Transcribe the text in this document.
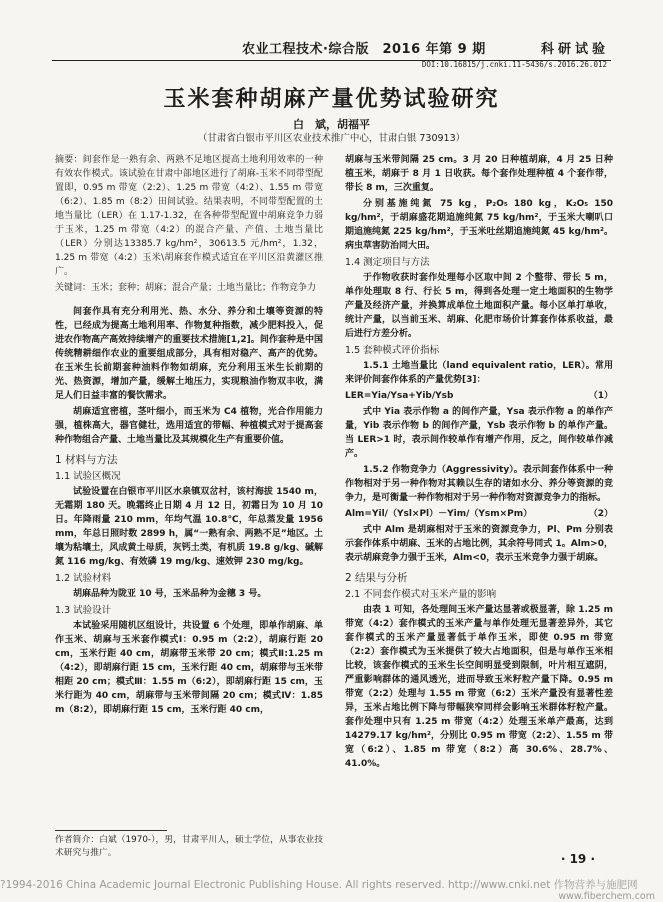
农业工程技术·综合版　2016 年第 9 期	科研试验
DOI:10.16815/j.cnki.11-5436/s.2016.26.012
玉米套种胡麻产量优势试验研究
白　斌，胡福平
（甘肃省白银市平川区农业技术推广中心，甘肃白银 730913）

摘要：间套作是一熟有余、两熟不足地区提高土地利用效率的一种有效农作模式。该试验在甘肃中部地区进行了胡麻-玉米不同带型配置即，0.95 m 带宽（2:2）、1.25 m 带宽（4:2）、1.55 m 带宽（6:2）、1.85 m（8:2）田间试验。结果表明，不同带型配置的土地当量比（LER）在 1.17-1.32，在各种带型配置中胡麻竞争力弱于玉米，1.25 m 带宽（4:2）的混合产量、产值、土地当量比（LER）分别达13385.7 kg/hm²，30613.5 元/hm²，1.32，1.25 m 带宽（4:2）玉米\胡麻套作模式适宜在平川区沿黄灌区推广。

关键词：玉米；套种；胡麻；混合产量；土地当量比；作物竞争力

间套作具有充分利用光、热、水分、养分和土壤等资源的特性，已经成为提高土地利用率、作物复种指数，减少肥料投入，促进农作物高产高效持续增产的重要技术措施[1,2]。间作套种是中国传统精耕细作农业的重要组成部分，具有相对稳产、高产的优势。在玉米生长前期套种油料作物如胡麻，充分利用玉米生长前期的光、热资源，增加产量，缓解土地压力，实现粮油作物双丰收，满足人们日益丰富的餐饮需求。

胡麻适宜密植，茎叶细小，而玉米为 C4 植物，光合作用能力强，植株高大，器官健壮，选用适宜的带幅、种植模式对于提高套种作物组合产量、土地当量比及其规模化生产有重要价值。

1 材料与方法
1.1 试验区概况

试验设置在白银市平川区水泉镇双岔村，该村海拔 1540 m，无霜期 180 天。晚霜终止日期 4 月 12 日，初霜日为 10 月 10 日。年降雨量 210 mm，年均气温 10.8℃，年总蒸发量 1956 mm，年总日照时数 2899 h，属“一熟有余、两熟不足”地区。土壤为粘壤土，风成黄土母质，灰钙土类，有机质 19.8 g/kg、碱解氮 116 mg/kg、有效磷 19 mg/kg、速效钾 230 mg/kg。

1.2 试验材料

胡麻品种为陇亚 10 号，玉米品种为金穗 3 号。

1.3 试验设计

本试验采用随机区组设计，共设置 6 个处理，即单作胡麻、单作玉米、胡麻与玉米套作模式Ⅰ：0.95 m（2:2），胡麻行距 20 cm，玉米行距 40 cm，胡麻带玉米带 20 cm；模式Ⅱ:1.25 m（4:2），即胡麻行距 15 cm，玉米行距 40 cm，胡麻带与玉米带相距 20 cm；模式Ⅲ：1.55 m（6:2），即胡麻行距 15 cm，玉米行距为 40 cm，胡麻带与玉米带间隔 20 cm；模式Ⅳ：1.85 m（8:2），即胡麻行距 15 cm，玉米行距 40 cm，

作者简介：白斌（1970-），男，甘肃平川人，硕士学位，从事农业技术研究与推广。

胡麻与玉米带间隔 25 cm。3 月 20 日种植胡麻，4 月 25 日种植玉米，胡麻于 8 月 1 日收获。每个套作处理种植 4 个套作带，带长 8 m，三次重复。

分别基施纯氮 75 kg，P₂O₅ 180 kg，K₂O₅ 150 kg/hm²，于胡麻盛花期追施纯氮 75 kg/hm²，于玉米大喇叭口期追施纯氮 225 kg/hm²，于玉米吐丝期追施纯氮 45 kg/hm²。病虫草害防治同大田。

1.4 测定项目与方法

于作物收获时套作处理每小区取中间 2 个整带、带长 5 m，单作处理取 8 行、行长 5 m，得到各处理一定土地面积的生物学产量及经济产量，并换算成单位土地面积产量。每小区单打单收，统计产量，以当前玉米、胡麻、化肥市场价计算套作体系收益，最后进行方差分析。

1.5 套种模式评价指标

1.5.1 土地当量比（land equivalent ratio，LER）。常用来评价间套作体系的产量优势[3]：

LER=Yia/Ysa+Yib/Ysb	（1）

式中 Yia 表示作物 a 的间作产量，Ysa 表示作物 a 的单作产量，Yib 表示作物 b 的间作产量，Ysb 表示作物 b 的单作产量。当 LER>1 时，表示间作较单作有增产作用，反之，间作较单作减产。

1.5.2 作物竞争力（Aggressivity）。表示间套作体系中一种作物相对于另一种作物对其赖以生存的诸如水分、养分等资源的竞争力，是可衡量一种作物相对于另一种作物对资源竞争力的指标。

Alm=Yil/（Ysl×Pl）－Yim/（Ysm×Pm）	（2）

式中 Alm 是胡麻相对于玉米的资源竞争力，Pl、Pm 分别表示套作体系中胡麻、玉米的占地比例，其余符号同式 1。Alm>0，表示胡麻竞争力强于玉米，Alm<0，表示玉米竞争力强于胡麻。

2 结果与分析
2.1 不同套作模式对玉米产量的影响

由表 1 可知，各处理间玉米产量达显著或极显著，除 1.25 m 带宽（4:2）套作模式的玉米产量与单作处理无显著差异外，其它套作模式的玉米产量显著低于单作玉米，即使 0.95 m 带宽（2:2）套作模式为玉米提供了较大占地面积，但是与单作玉米相比较，该套作模式的玉米生长空间明显受到限制，叶片相互遮阴，严重影响群体的通风透光，进而导致玉米籽粒产量下降。0.95 m 带宽（2:2）处理与 1.55 m 带宽（6:2）玉米产量没有显著性差异，玉米占地比例下降与带幅狭窄同样会影响玉米群体籽粒产量。套作处理中只有 1.25 m 带宽（4:2）处理玉米单产最高，达到 14279.17 kg/hm²，分别比 0.95 m 带宽（2:2）、1.55 m 带宽（6:2）、1.85 m 带宽（8:2）高 30.6%、28.7%、41.0%。

· 19 ·
?1994-2016 China Academic Journal Electronic Publishing House. All rights reserved. http://www.cnki.net 作物营养与施肥网
www.fiberchem.com
